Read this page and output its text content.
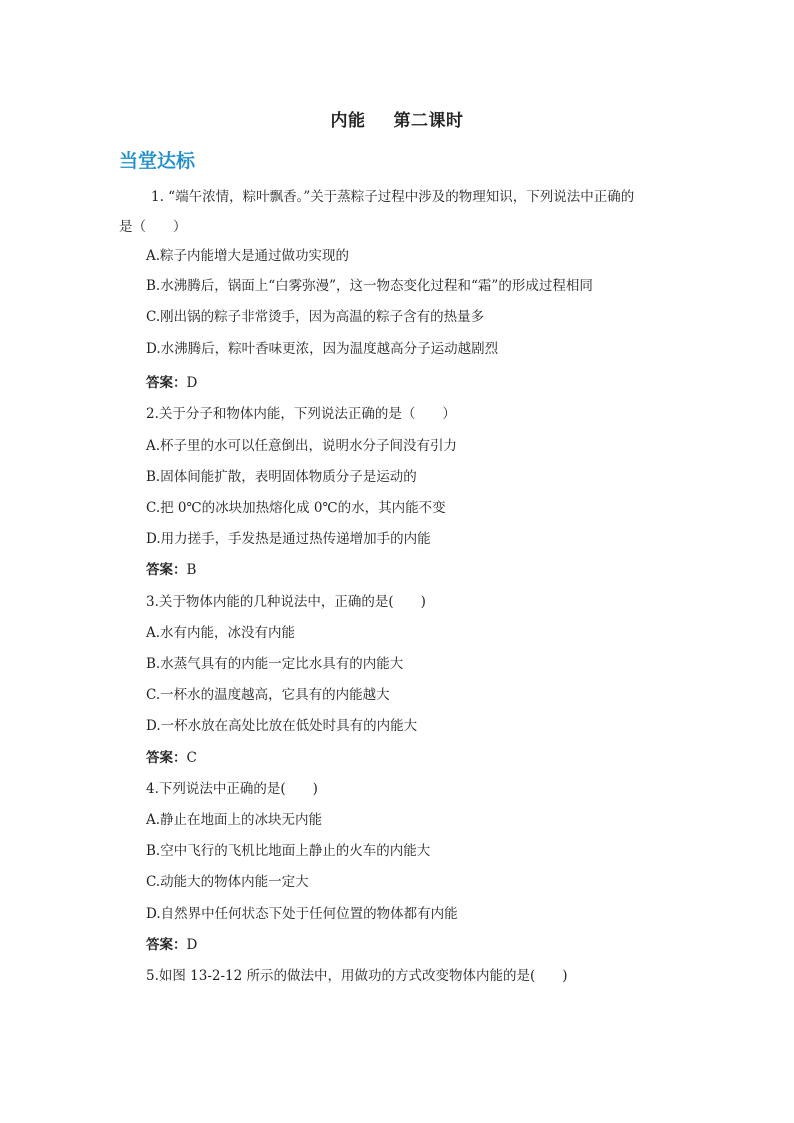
内能 第二课时
当堂达标
1. “端午浓情，粽叶飘香。”关于蒸粽子过程中涉及的物理知识，下列说法中正确的
是（　　）
A.粽子内能增大是通过做功实现的
B.水沸腾后，锅面上“白雾弥漫”，这一物态变化过程和“霜”的形成过程相同
C.刚出锅的粽子非常烫手，因为高温的粽子含有的热量多
D.水沸腾后，粽叶香味更浓，因为温度越高分子运动越剧烈
答案：D
2.关于分子和物体内能，下列说法正确的是（　　）
A.杯子里的水可以任意倒出，说明水分子间没有引力
B.固体间能扩散，表明固体物质分子是运动的
C.把 0℃的冰块加热熔化成 0℃的水，其内能不变
D.用力搓手，手发热是通过热传递增加手的内能
答案：B
3.关于物体内能的几种说法中，正确的是(　　)
A.水有内能，冰没有内能
B.水蒸气具有的内能一定比水具有的内能大
C.一杯水的温度越高，它具有的内能越大
D.一杯水放在高处比放在低处时具有的内能大
答案：C
4.下列说法中正确的是(　　)
A.静止在地面上的冰块无内能
B.空中飞行的飞机比地面上静止的火车的内能大
C.动能大的物体内能一定大
D.自然界中任何状态下处于任何位置的物体都有内能
答案：D
5.如图 13-2-12 所示的做法中，用做功的方式改变物体内能的是(　　)
